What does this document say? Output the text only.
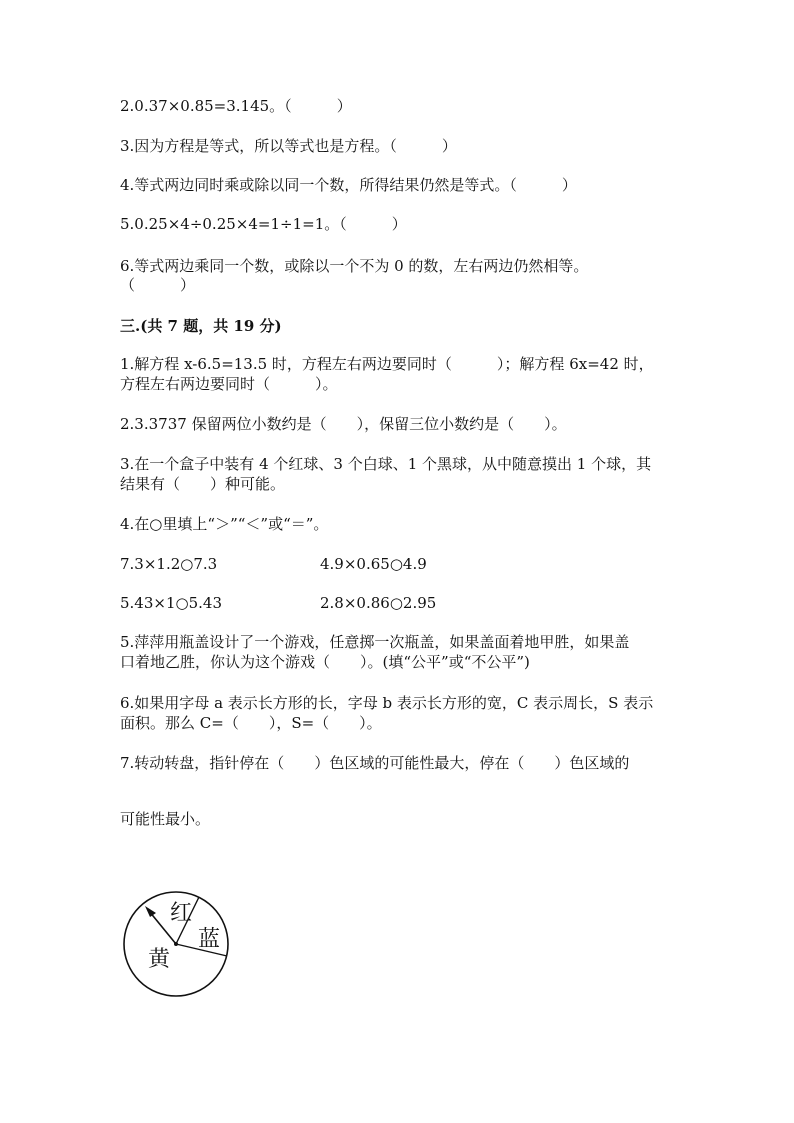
2.0.37×0.85=3.145。（　　　）

3.因为方程是等式，所以等式也是方程。（　　　）

4.等式两边同时乘或除以同一个数，所得结果仍然是等式。（　　　）

5.0.25×4÷0.25×4=1÷1=1。（　　　）

6.等式两边乘同一个数，或除以一个不为 0 的数，左右两边仍然相等。

（　　　）

三.(共 7 题，共 19 分)

1.解方程 x-6.5=13.5 时，方程左右两边要同时（　　　）；解方程 6x=42 时，

方程左右两边要同时（　　　）。

2.3.3737 保留两位小数约是（　　），保留三位小数约是（　　）。

3.在一个盒子中装有 4 个红球、3 个白球、1 个黑球，从中随意摸出 1 个球，其

结果有（　　）种可能。

4.在○里填上“＞”“＜”或“＝”。

7.3×1.2○7.3	4.9×0.65○4.9

5.43×1○5.43	2.8×0.86○2.95

5.萍萍用瓶盖设计了一个游戏，任意掷一次瓶盖，如果盖面着地甲胜，如果盖

口着地乙胜，你认为这个游戏（　　）。(填“公平”或“不公平”)

6.如果用字母 a 表示长方形的长，字母 b 表示长方形的宽，C 表示周长，S 表示

面积。那么 C=（　　），S=（　　）。

7.转动转盘，指针停在（　　）色区域的可能性最大，停在（　　）色区域的

可能性最小。

红
蓝
黄
